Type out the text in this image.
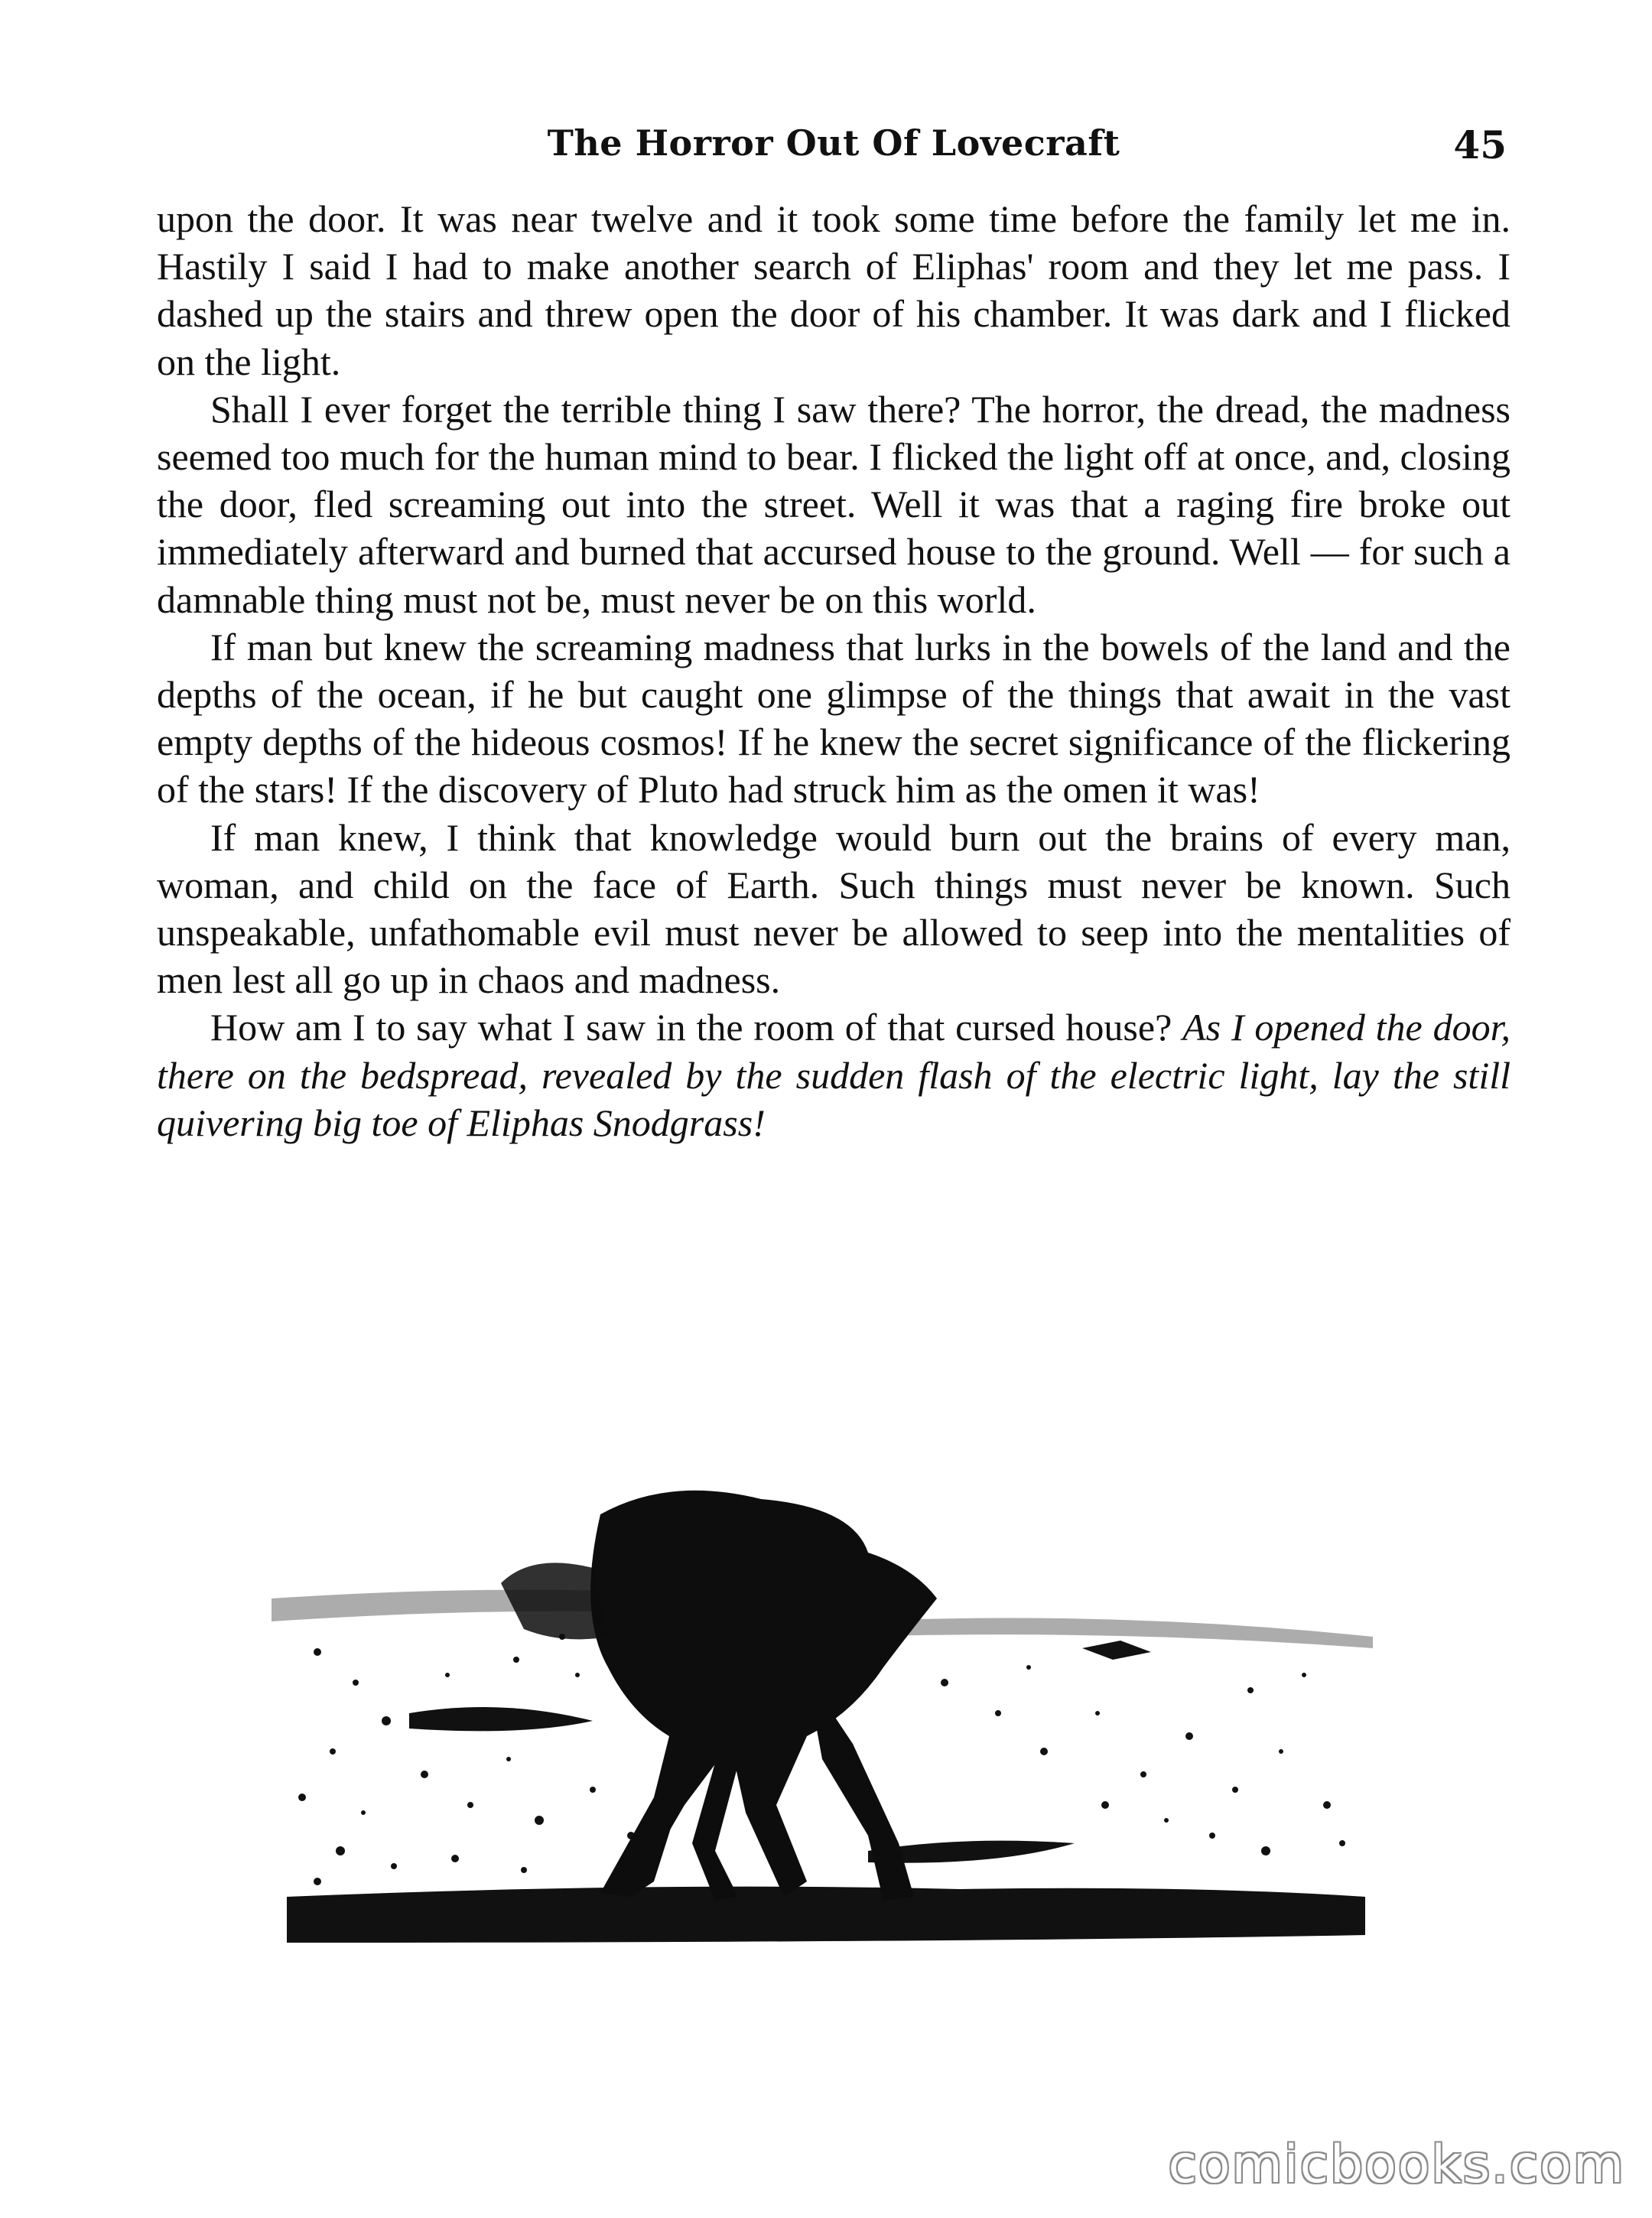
The Horror Out Of Lovecraft	45

upon the door. It was near twelve and it took some time before the family let me in. Hastily I said I had to make another search of Eliphas' room and they let me pass. I dashed up the stairs and threw open the door of his chamber. It was dark and I flicked on the light.

Shall I ever forget the terrible thing I saw there? The horror, the dread, the madness seemed too much for the human mind to bear. I flicked the light off at once, and, closing the door, fled screaming out into the street. Well it was that a raging fire broke out immediately afterward and burned that accursed house to the ground. Well — for such a damnable thing must not be, must never be on this world.

If man but knew the screaming madness that lurks in the bowels of the land and the depths of the ocean, if he but caught one glimpse of the things that await in the vast empty depths of the hideous cosmos! If he knew the secret significance of the flickering of the stars! If the discovery of Pluto had struck him as the omen it was!

If man knew, I think that knowledge would burn out the brains of every man, woman, and child on the face of Earth. Such things must never be known. Such unspeakable, unfathomable evil must never be allowed to seep into the mentalities of men lest all go up in chaos and madness.

How am I to say what I saw in the room of that cursed house? As I opened the door, there on the bedspread, revealed by the sudden flash of the electric light, lay the still quivering big toe of Eliphas Snodgrass!

comicbooks.com
